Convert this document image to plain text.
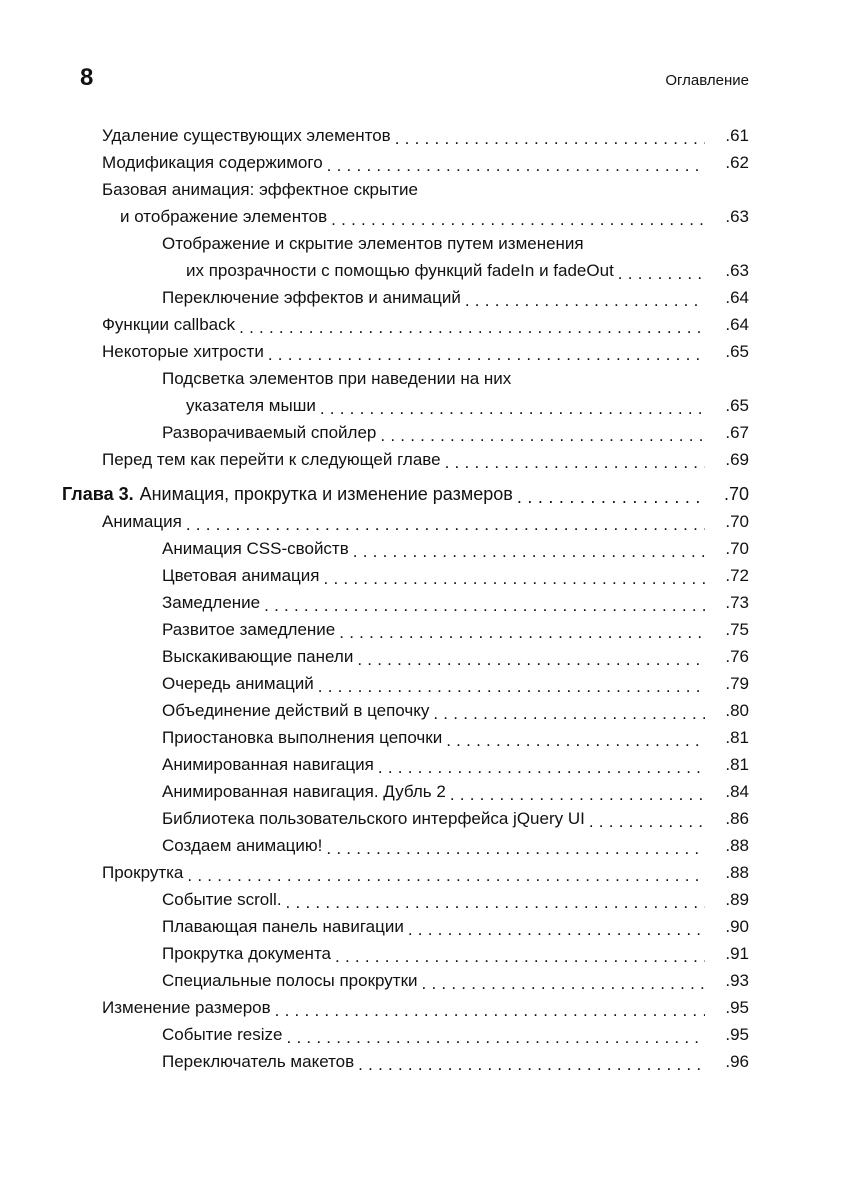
8	Оглавление
Удаление существующих элементов . . .	.61
Модификация содержимого . . .	.62
Базовая анимация: эффектное скрытие
и отображение элементов . . .	.63
Отображение и скрытие элементов путем изменения
их прозрачности с помощью функций fadeIn и fadeOut . . .	.63
Переключение эффектов и анимаций . . .	.64
Функции callback . . .	.64
Некоторые хитрости . . .	.65
Подсветка элементов при наведении на них
указателя мыши . . .	.65
Разворачиваемый спойлер . . .	.67
Перед тем как перейти к следующей главе . . .	.69
Глава 3. Анимация, прокрутка и изменение размеров . . .	.70
Анимация . . .	.70
Анимация CSS-свойств . . .	.70
Цветовая анимация . . .	.72
Замедление . . .	.73
Развитое замедление . . .	.75
Выскакивающие панели . . .	.76
Очередь анимаций . . .	.79
Объединение действий в цепочку . . .	.80
Приостановка выполнения цепочки . . .	.81
Анимированная навигация . . .	.81
Анимированная навигация. Дубль 2 . . .	.84
Библиотека пользовательского интерфейса jQuery UI . . .	.86
Создаем анимацию! . . .	.88
Прокрутка . . .	.88
Событие scroll. . . .	.89
Плавающая панель навигации . . .	.90
Прокрутка документа . . .	.91
Специальные полосы прокрутки . . .	.93
Изменение размеров . . .	.95
Событие resize . . .	.95
Переключатель макетов . . .	.96
